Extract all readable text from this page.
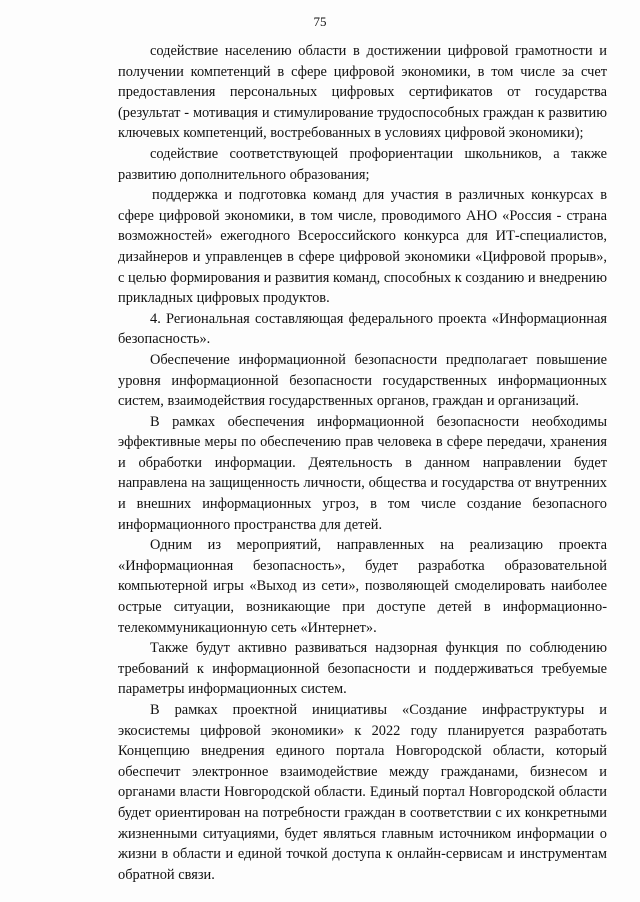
75

содействие населению области в достижении цифровой грамотности и получении компетенций в сфере цифровой экономики, в том числе за счет предоставления персональных цифровых сертификатов от государства (результат - мотивация и стимулирование трудоспособных граждан к развитию ключевых компетенций, востребованных в условиях цифровой экономики);

содействие соответствующей профориентации школьников, а также развитию дополнительного образования;

поддержка и подготовка команд для участия в различных конкурсах в сфере цифровой экономики, в том числе, проводимого АНО «Россия - страна возможностей» ежегодного Всероссийского конкурса для ИТ-специалистов, дизайнеров и управленцев в сфере цифровой экономики «Цифровой прорыв», с целью формирования и развития команд, способных к созданию и внедрению прикладных цифровых продуктов.

4. Региональная составляющая федерального проекта «Информационная безопасность».

Обеспечение информационной безопасности предполагает повышение уровня информационной безопасности государственных информационных систем, взаимодействия государственных органов, граждан и организаций.

В рамках обеспечения информационной безопасности необходимы эффективные меры по обеспечению прав человека в сфере передачи, хранения и обработки информации. Деятельность в данном направлении будет направлена на защищенность личности, общества и государства от внутренних и внешних информационных угроз, в том числе создание безопасного информационного пространства для детей.

Одним из мероприятий, направленных на реализацию проекта «Информационная безопасность», будет разработка образовательной компьютерной игры «Выход из сети», позволяющей смоделировать наиболее острые ситуации, возникающие при доступе детей в информационно-телекоммуникационную сеть «Интернет».

Также будут активно развиваться надзорная функция по соблюдению требований к информационной безопасности и поддерживаться требуемые параметры информационных систем.

В рамках проектной инициативы «Создание инфраструктуры и экосистемы цифровой экономики» к 2022 году планируется разработать Концепцию внедрения единого портала Новгородской области, который обеспечит электронное взаимодействие между гражданами, бизнесом и органами власти Новгородской области. Единый портал Новгородской области будет ориентирован на потребности граждан в соответствии с их конкретными жизненными ситуациями, будет являться главным источником информации о жизни в области и единой точкой доступа к онлайн-сервисам и инструментам обратной связи.
